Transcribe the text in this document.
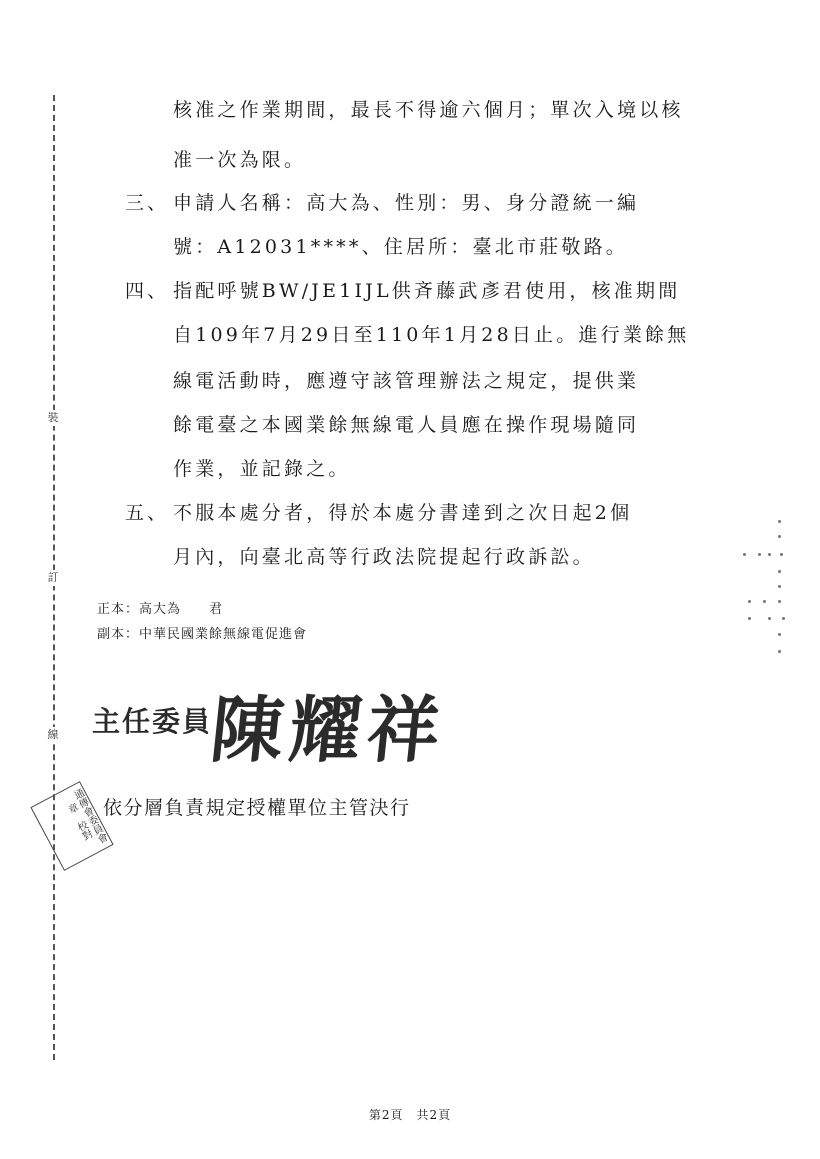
裝
訂
線
核准之作業期間，最長不得逾六個月；單次入境以核
准一次為限。
三、 申請人名稱：高大為、性別：男、身分證統一編
號：A12031****、住居所：臺北市莊敬路。
四、 指配呼號BW/JE1IJL供斉藤武彥君使用，核准期間
自109年7月29日至110年1月28日止。進行業餘無
線電活動時，應遵守該管理辦法之規定，提供業
餘電臺之本國業餘無線電人員應在操作現場隨同
作業，並記錄之。
五、 不服本處分者，得於本處分書達到之次日起2個
月內，向臺北高等行政法院提起行政訴訟。
正本：高大為　　君
副本：中華民國業餘無線電促進會
主任委員
陳耀祥
依分層負責規定授權單位主管決行
通傳會委員會　章　校對
第2頁　共2頁
